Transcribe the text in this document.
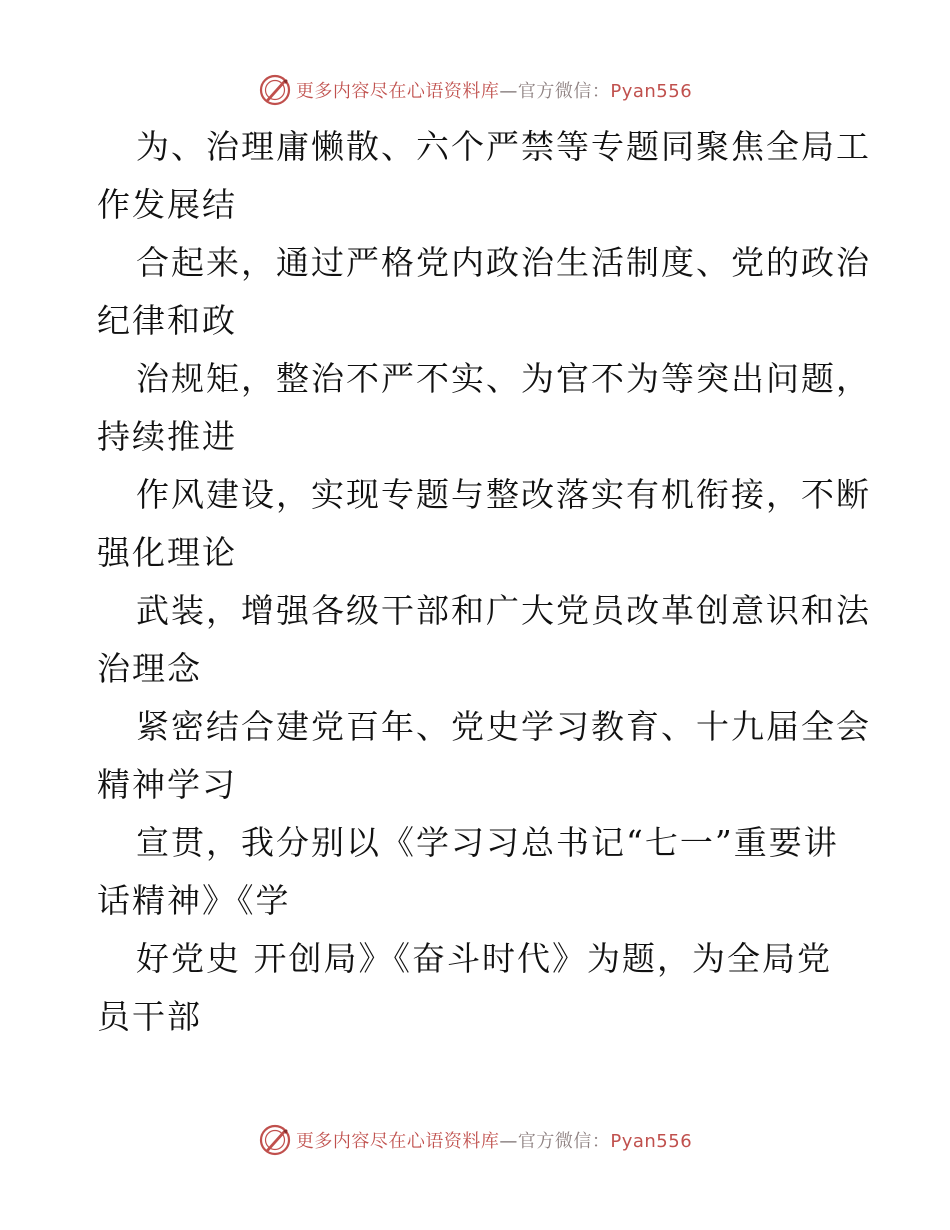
更多内容尽在心语资料库—官方微信：Pyan556
为、治理庸懒散、六个严禁等专题同聚焦全局工
作发展结
合起来，通过严格党内政治生活制度、党的政治
纪律和政
治规矩，整治不严不实、为官不为等突出问题，
持续推进
作风建设，实现专题与整改落实有机衔接，不断
强化理论
武装，增强各级干部和广大党员改革创意识和法
治理念
紧密结合建党百年、党史学习教育、十九届全会
精神学习
宣贯，我分别以《学习习总书记“七一”重要讲
话精神》《学
好党史 开创局》《奋斗时代》为题，为全局党
员干部
更多内容尽在心语资料库—官方微信：Pyan556
